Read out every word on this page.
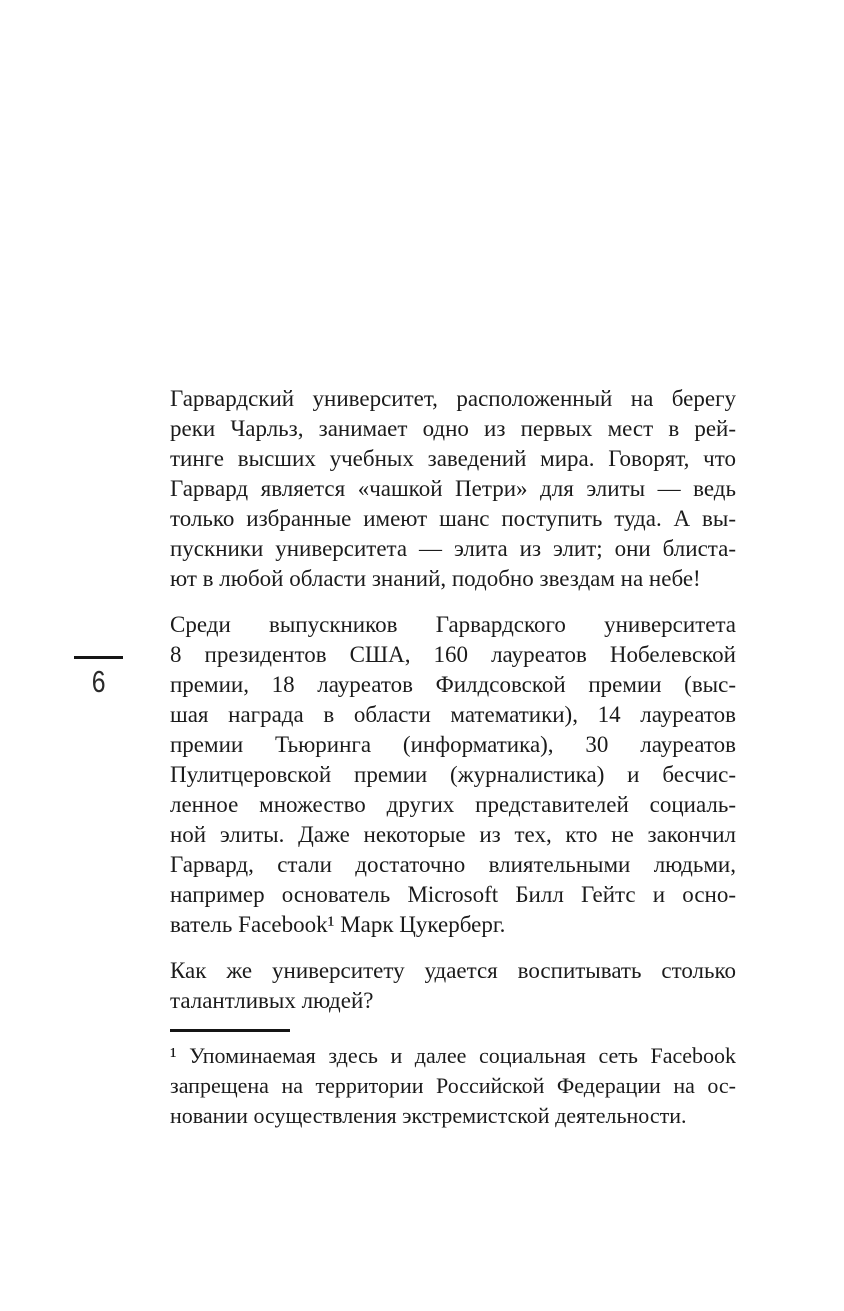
6
Гарвардский университет, расположенный на берегу
реки Чарльз, занимает одно из первых мест в рей-
тинге высших учебных заведений мира. Говорят, что
Гарвард является «чашкой Петри» для элиты — ведь
только избранные имеют шанс поступить туда. А вы-
пускники университета — элита из элит; они блиста-
ют в любой области знаний, подобно звездам на небе!
Среди выпускников Гарвардского университета
8 президентов США, 160 лауреатов Нобелевской
премии, 18 лауреатов Филдсовской премии (выс-
шая награда в области математики), 14 лауреатов
премии Тьюринга (информатика), 30 лауреатов
Пулитцеровской премии (журналистика) и бесчис-
ленное множество других представителей социаль-
ной элиты. Даже некоторые из тех, кто не закончил
Гарвард, стали достаточно влиятельными людьми,
например основатель Microsoft Билл Гейтс и осно-
ватель Facebook¹ Марк Цукерберг.
Как же университету удается воспитывать столько
талантливых людей?
¹ Упоминаемая здесь и далее социальная сеть Facebook
запрещена на территории Российской Федерации на ос-
новании осуществления экстремистской деятельности.
